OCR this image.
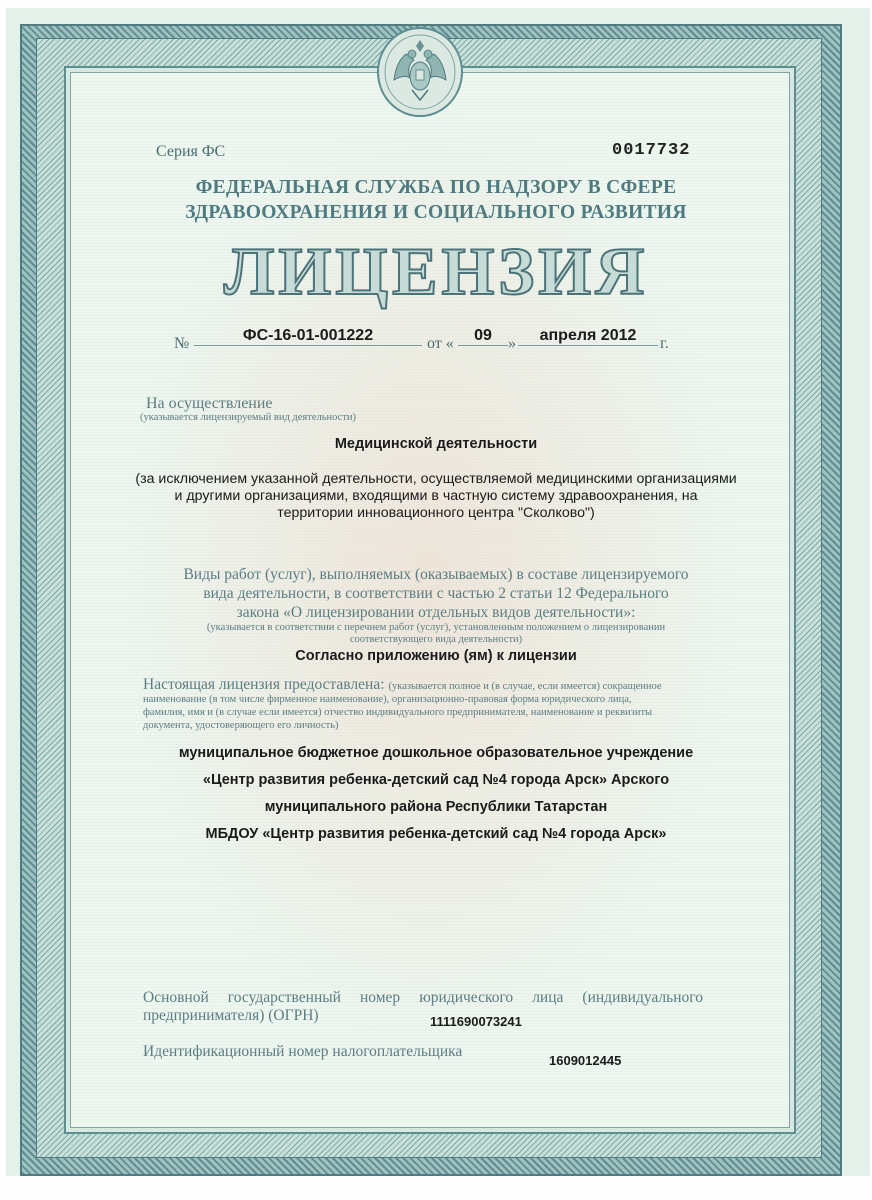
Серия ФС	0017732
ФЕДЕРАЛЬНАЯ СЛУЖБА ПО НАДЗОРУ В СФЕРЕ
ЗДРАВООХРАНЕНИЯ И СОЦИАЛЬНОГО РАЗВИТИЯ
ЛИЦЕНЗИЯ
№	ФС-16-01-001222	от «	09	»	апреля 2012	г.
На осуществление
(указывается лицензируемый вид деятельности)
Медицинской деятельности
(за исключением указанной деятельности, осуществляемой медицинскими организациями
и другими организациями, входящими в частную систему здравоохранения, на
территории инновационного центра "Сколково")
Виды работ (услуг), выполняемых (оказываемых) в составе лицензируемого
вида деятельности, в соответствии с частью 2 статьи 12 Федерального
закона «О лицензировании отдельных видов деятельности»:
(указывается в соответствии с перечнем работ (услуг), установленным положением о лицензировании
соответствующего вида деятельности)
Согласно приложению (ям) к лицензии
Настоящая лицензия предоставлена: (указывается полное и (в случае, если имеется) сокращенное
наименование (в том числе фирменное наименование), организационно-правовая форма юридического лица,
фамилия, имя и (в случае если имеется) отчество индивидуального предпринимателя, наименование и реквизиты
документа, удостоверяющего его личность)
муниципальное бюджетное дошкольное образовательное учреждение
«Центр развития ребенка-детский сад №4 города Арск» Арского
муниципального района Республики Татарстан
МБДОУ «Центр развития ребенка-детский сад №4 города Арск»
Основной государственный номер юридического лица (индивидуального
предпринимателя) (ОГРН)	1111690073241
Идентификационный номер налогоплательщика
1609012445
